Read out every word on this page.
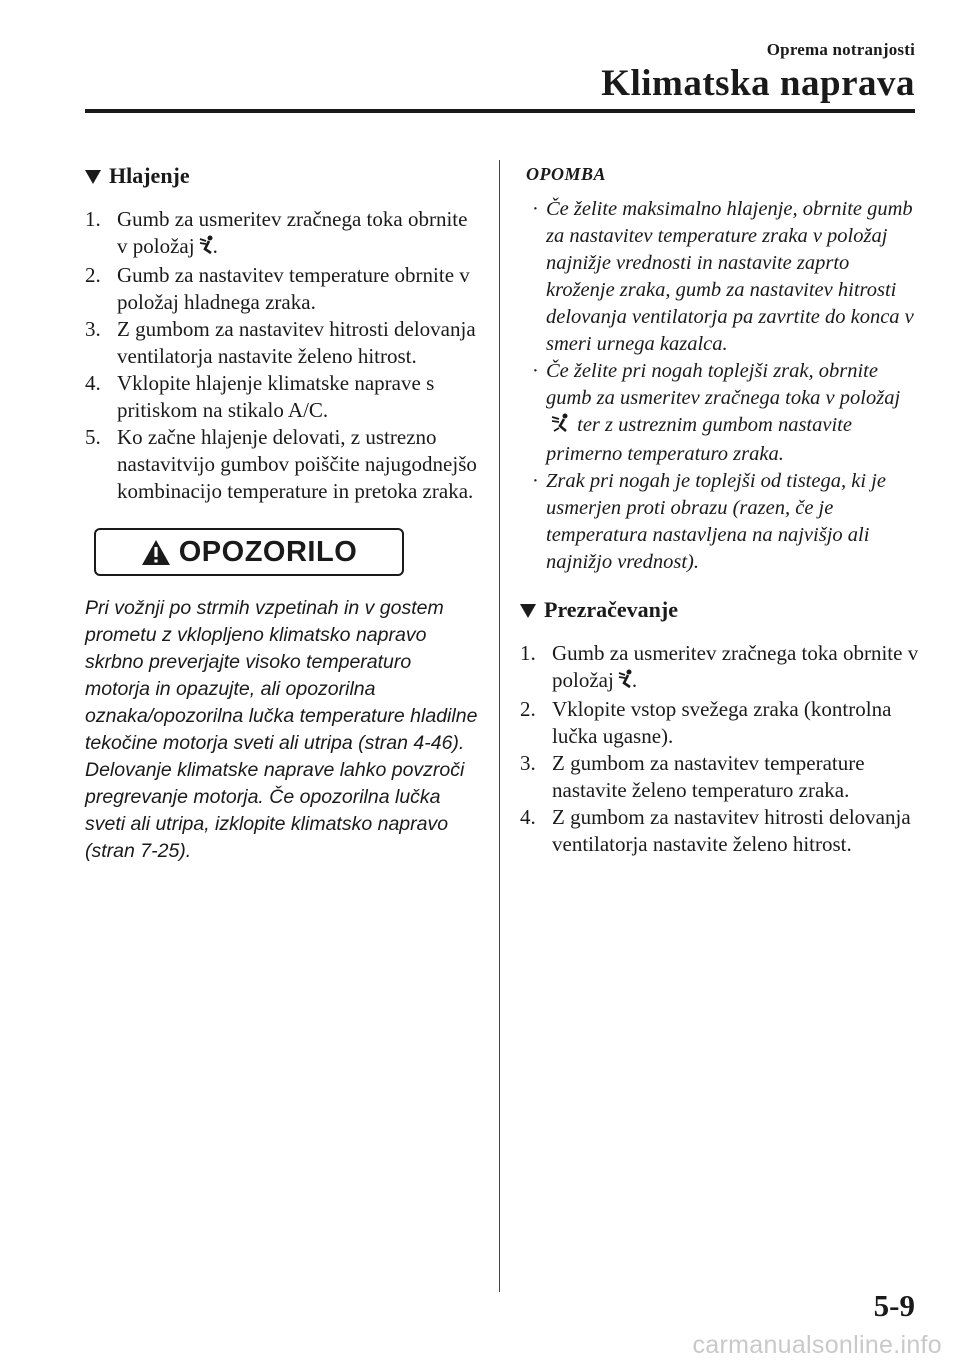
Oprema notranjosti
Klimatska naprava
Hlajenje
1. Gumb za usmeritev zračnega toka obrnite v položaj .
2. Gumb za nastavitev temperature obrnite v položaj hladnega zraka.
3. Z gumbom za nastavitev hitrosti delovanja ventilatorja nastavite želeno hitrost.
4. Vklopite hlajenje klimatske naprave s pritiskom na stikalo A/C.
5. Ko začne hlajenje delovati, z ustrezno nastavitvijo gumbov poiščite najugodnejšo kombinacijo temperature in pretoka zraka.
OPOZORILO

Pri vožnji po strmih vzpetinah in v gostem prometu z vklopljeno klimatsko napravo skrbno preverjajte visoko temperaturo motorja in opazujte, ali opozorilna oznaka/opozorilna lučka temperature hladilne tekočine motorja sveti ali utripa (stran 4-46).

Delovanje klimatske naprave lahko povzroči pregrevanje motorja. Če opozorilna lučka sveti ali utripa, izklopite klimatsko napravo (stran 7-25).

OPOMBA
· Če želite maksimalno hlajenje, obrnite gumb za nastavitev temperature zraka v položaj najnižje vrednosti in nastavite zaprto kroženje zraka, gumb za nastavitev hitrosti delovanja ventilatorja pa zavrtite do konca v smeri urnega kazalca.
· Če želite pri nogah toplejši zrak, obrnite gumb za usmeritev zračnega toka v položaj ter z ustreznim gumbom nastavite primerno temperaturo zraka.
· Zrak pri nogah je toplejši od tistega, ki je usmerjen proti obrazu (razen, če je temperatura nastavljena na najvišjo ali najnižjo vrednost).
Prezračevanje
1. Gumb za usmeritev zračnega toka obrnite v položaj .
2. Vklopite vstop svežega zraka (kontrolna lučka ugasne).
3. Z gumbom za nastavitev temperature nastavite želeno temperaturo zraka.
4. Z gumbom za nastavitev hitrosti delovanja ventilatorja nastavite želeno hitrost.
5-9
carmanualsonline.info
